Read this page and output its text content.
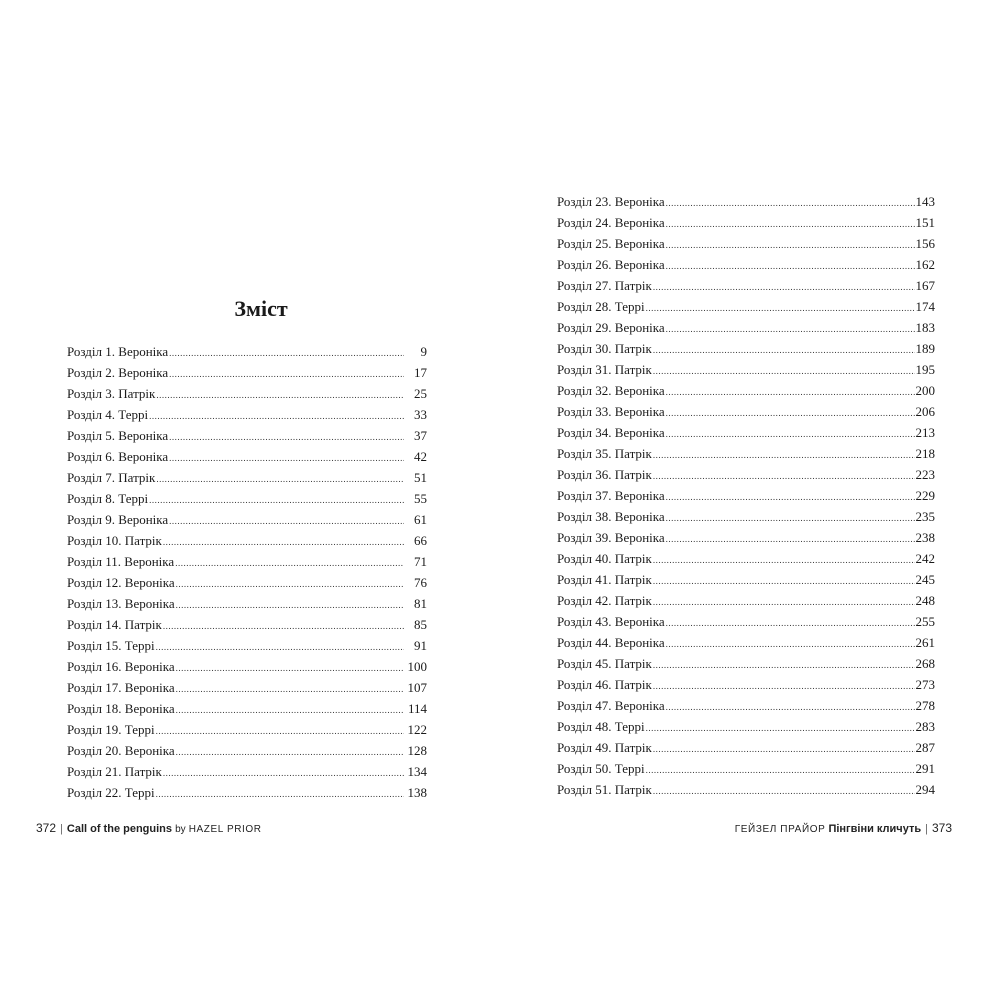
Зміст
Розділ 1. Вероніка .....	9
Розділ 2. Вероніка .....	17
Розділ 3. Патрік .....	25
Розділ 4. Террі .....	33
Розділ 5. Вероніка .....	37
Розділ 6. Вероніка .....	42
Розділ 7. Патрік .....	51
Розділ 8. Террі .....	55
Розділ 9. Вероніка .....	61
Розділ 10. Патрік .....	66
Розділ 11. Вероніка .....	71
Розділ 12. Вероніка .....	76
Розділ 13. Вероніка .....	81
Розділ 14. Патрік .....	85
Розділ 15. Террі .....	91
Розділ 16. Вероніка .....	100
Розділ 17. Вероніка .....	107
Розділ 18. Вероніка .....	114
Розділ 19. Террі .....	122
Розділ 20. Вероніка .....	128
Розділ 21. Патрік .....	134
Розділ 22. Террі .....	138
372 | Call of the penguins by HAZEL PRIOR
Розділ 23. Вероніка .....	143
Розділ 24. Вероніка .....	151
Розділ 25. Вероніка .....	156
Розділ 26. Вероніка .....	162
Розділ 27. Патрік .....	167
Розділ 28. Террі .....	174
Розділ 29. Вероніка .....	183
Розділ 30. Патрік .....	189
Розділ 31. Патрік .....	195
Розділ 32. Вероніка .....	200
Розділ 33. Вероніка .....	206
Розділ 34. Вероніка .....	213
Розділ 35. Патрік .....	218
Розділ 36. Патрік .....	223
Розділ 37. Вероніка .....	229
Розділ 38. Вероніка .....	235
Розділ 39. Вероніка .....	238
Розділ 40. Патрік .....	242
Розділ 41. Патрік .....	245
Розділ 42. Патрік .....	248
Розділ 43. Вероніка .....	255
Розділ 44. Вероніка .....	261
Розділ 45. Патрік .....	268
Розділ 46. Патрік .....	273
Розділ 47. Вероніка .....	278
Розділ 48. Террі .....	283
Розділ 49. Патрік .....	287
Розділ 50. Террі .....	291
Розділ 51. Патрік .....	294
ГЕЙЗЕЛ ПРАЙОР Пінгвіни кличуть | 373
